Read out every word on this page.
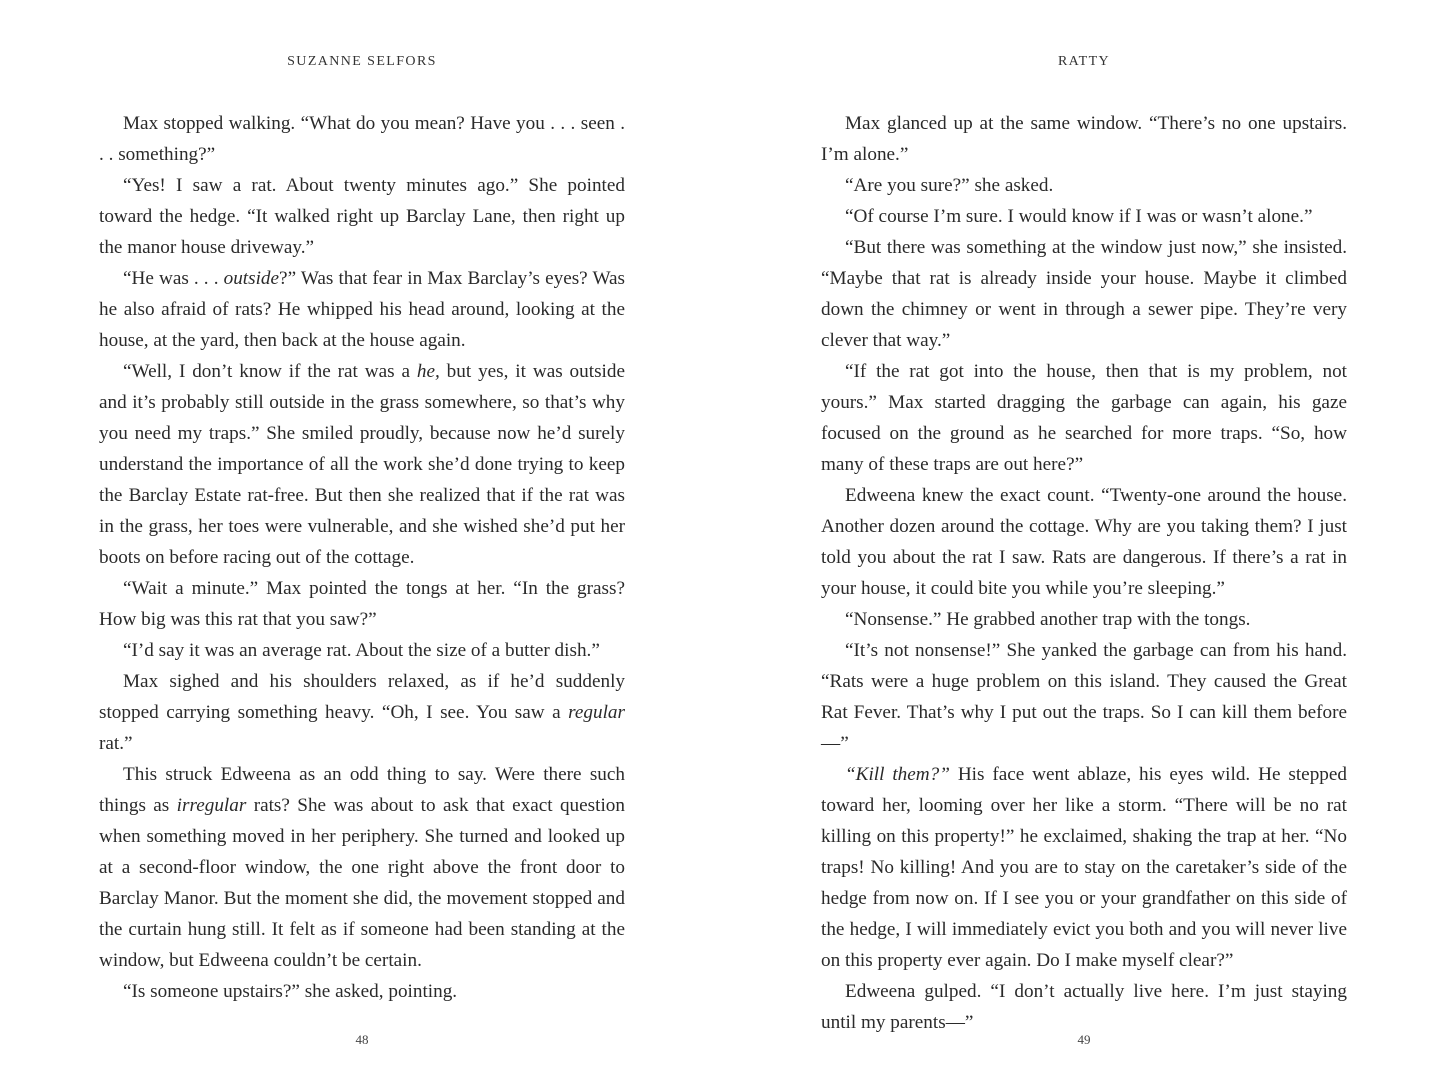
SUZANNE SELFORS

Max stopped walking. “What do you mean? Have you . . . seen . . . something?”

“Yes! I saw a rat. About twenty minutes ago.” She pointed toward the hedge. “It walked right up Barclay Lane, then right up the manor house driveway.”

“He was . . . outside?” Was that fear in Max Barclay’s eyes? Was he also afraid of rats? He whipped his head around, looking at the house, at the yard, then back at the house again.

“Well, I don’t know if the rat was a he, but yes, it was outside and it’s probably still outside in the grass somewhere, so that’s why you need my traps.” She smiled proudly, because now he’d surely understand the importance of all the work she’d done trying to keep the Barclay Estate rat-free. But then she realized that if the rat was in the grass, her toes were vulnerable, and she wished she’d put her boots on before racing out of the cottage.

“Wait a minute.” Max pointed the tongs at her. “In the grass? How big was this rat that you saw?”

“I’d say it was an average rat. About the size of a butter dish.”

Max sighed and his shoulders relaxed, as if he’d suddenly stopped carrying something heavy. “Oh, I see. You saw a regular rat.”

This struck Edweena as an odd thing to say. Were there such things as irregular rats? She was about to ask that exact question when something moved in her periphery. She turned and looked up at a second-floor window, the one right above the front door to Barclay Manor. But the moment she did, the movement stopped and the curtain hung still. It felt as if someone had been standing at the window, but Edweena couldn’t be certain.

“Is someone upstairs?” she asked, pointing.

48
RATTY

Max glanced up at the same window. “There’s no one upstairs. I’m alone.”

“Are you sure?” she asked.

“Of course I’m sure. I would know if I was or wasn’t alone.”

“But there was something at the window just now,” she insisted. “Maybe that rat is already inside your house. Maybe it climbed down the chimney or went in through a sewer pipe. They’re very clever that way.”

“If the rat got into the house, then that is my problem, not yours.” Max started dragging the garbage can again, his gaze focused on the ground as he searched for more traps. “So, how many of these traps are out here?”

Edweena knew the exact count. “Twenty-one around the house. Another dozen around the cottage. Why are you taking them? I just told you about the rat I saw. Rats are dangerous. If there’s a rat in your house, it could bite you while you’re sleeping.”

“Nonsense.” He grabbed another trap with the tongs.

“It’s not nonsense!” She yanked the garbage can from his hand. “Rats were a huge problem on this island. They caused the Great Rat Fever. That’s why I put out the traps. So I can kill them before—”

“Kill them?” His face went ablaze, his eyes wild. He stepped toward her, looming over her like a storm. “There will be no rat killing on this property!” he exclaimed, shaking the trap at her. “No traps! No killing! And you are to stay on the caretaker’s side of the hedge from now on. If I see you or your grandfather on this side of the hedge, I will immediately evict you both and you will never live on this property ever again. Do I make myself clear?”

Edweena gulped. “I don’t actually live here. I’m just staying until my parents—”

49
